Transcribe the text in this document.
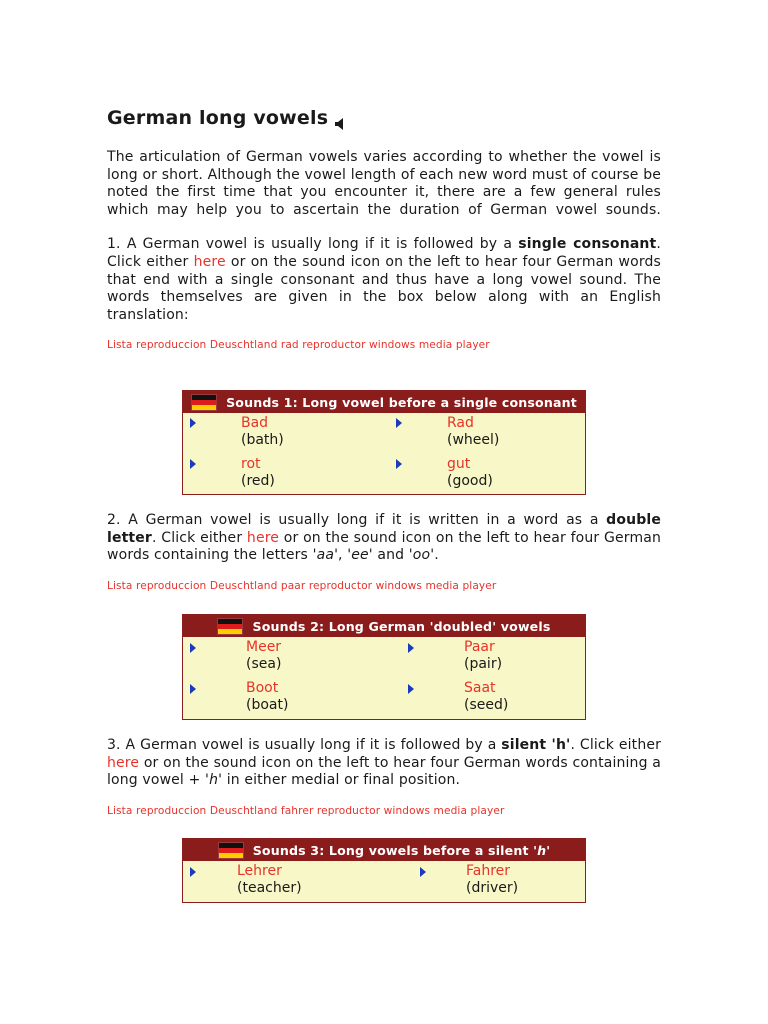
German long vowels

The articulation of German vowels varies according to whether the vowel is long or short. Although the vowel length of each new word must of course be noted the first time that you encounter it, there are a few general rules which may help you to ascertain the duration of German vowel sounds.

1. A German vowel is usually long if it is followed by a single consonant. Click either here or on the sound icon on the left to hear four German words that end with a single consonant and thus have a long vowel sound. The words themselves are given in the box below along with an English translation:

Lista reproduccion Deuschtland rad reproductor windows media player

Sounds 1: Long vowel before a single consonant
Bad
(bath)
Rad
(wheel)
rot
(red)
gut
(good)

2. A German vowel is usually long if it is written in a word as a double letter. Click either here or on the sound icon on the left to hear four German words containing the letters 'aa', 'ee' and 'oo'.

Lista reproduccion Deuschtland paar reproductor windows media player

Sounds 2: Long German 'doubled' vowels
Meer
(sea)
Paar
(pair)
Boot
(boat)
Saat
(seed)

3. A German vowel is usually long if it is followed by a silent 'h'. Click either here or on the sound icon on the left to hear four German words containing a long vowel + 'h' in either medial or final position.

Lista reproduccion Deuschtland fahrer reproductor windows media player

Sounds 3: Long vowels before a silent ' h '
Lehrer
(teacher)
Fahrer
(driver)
